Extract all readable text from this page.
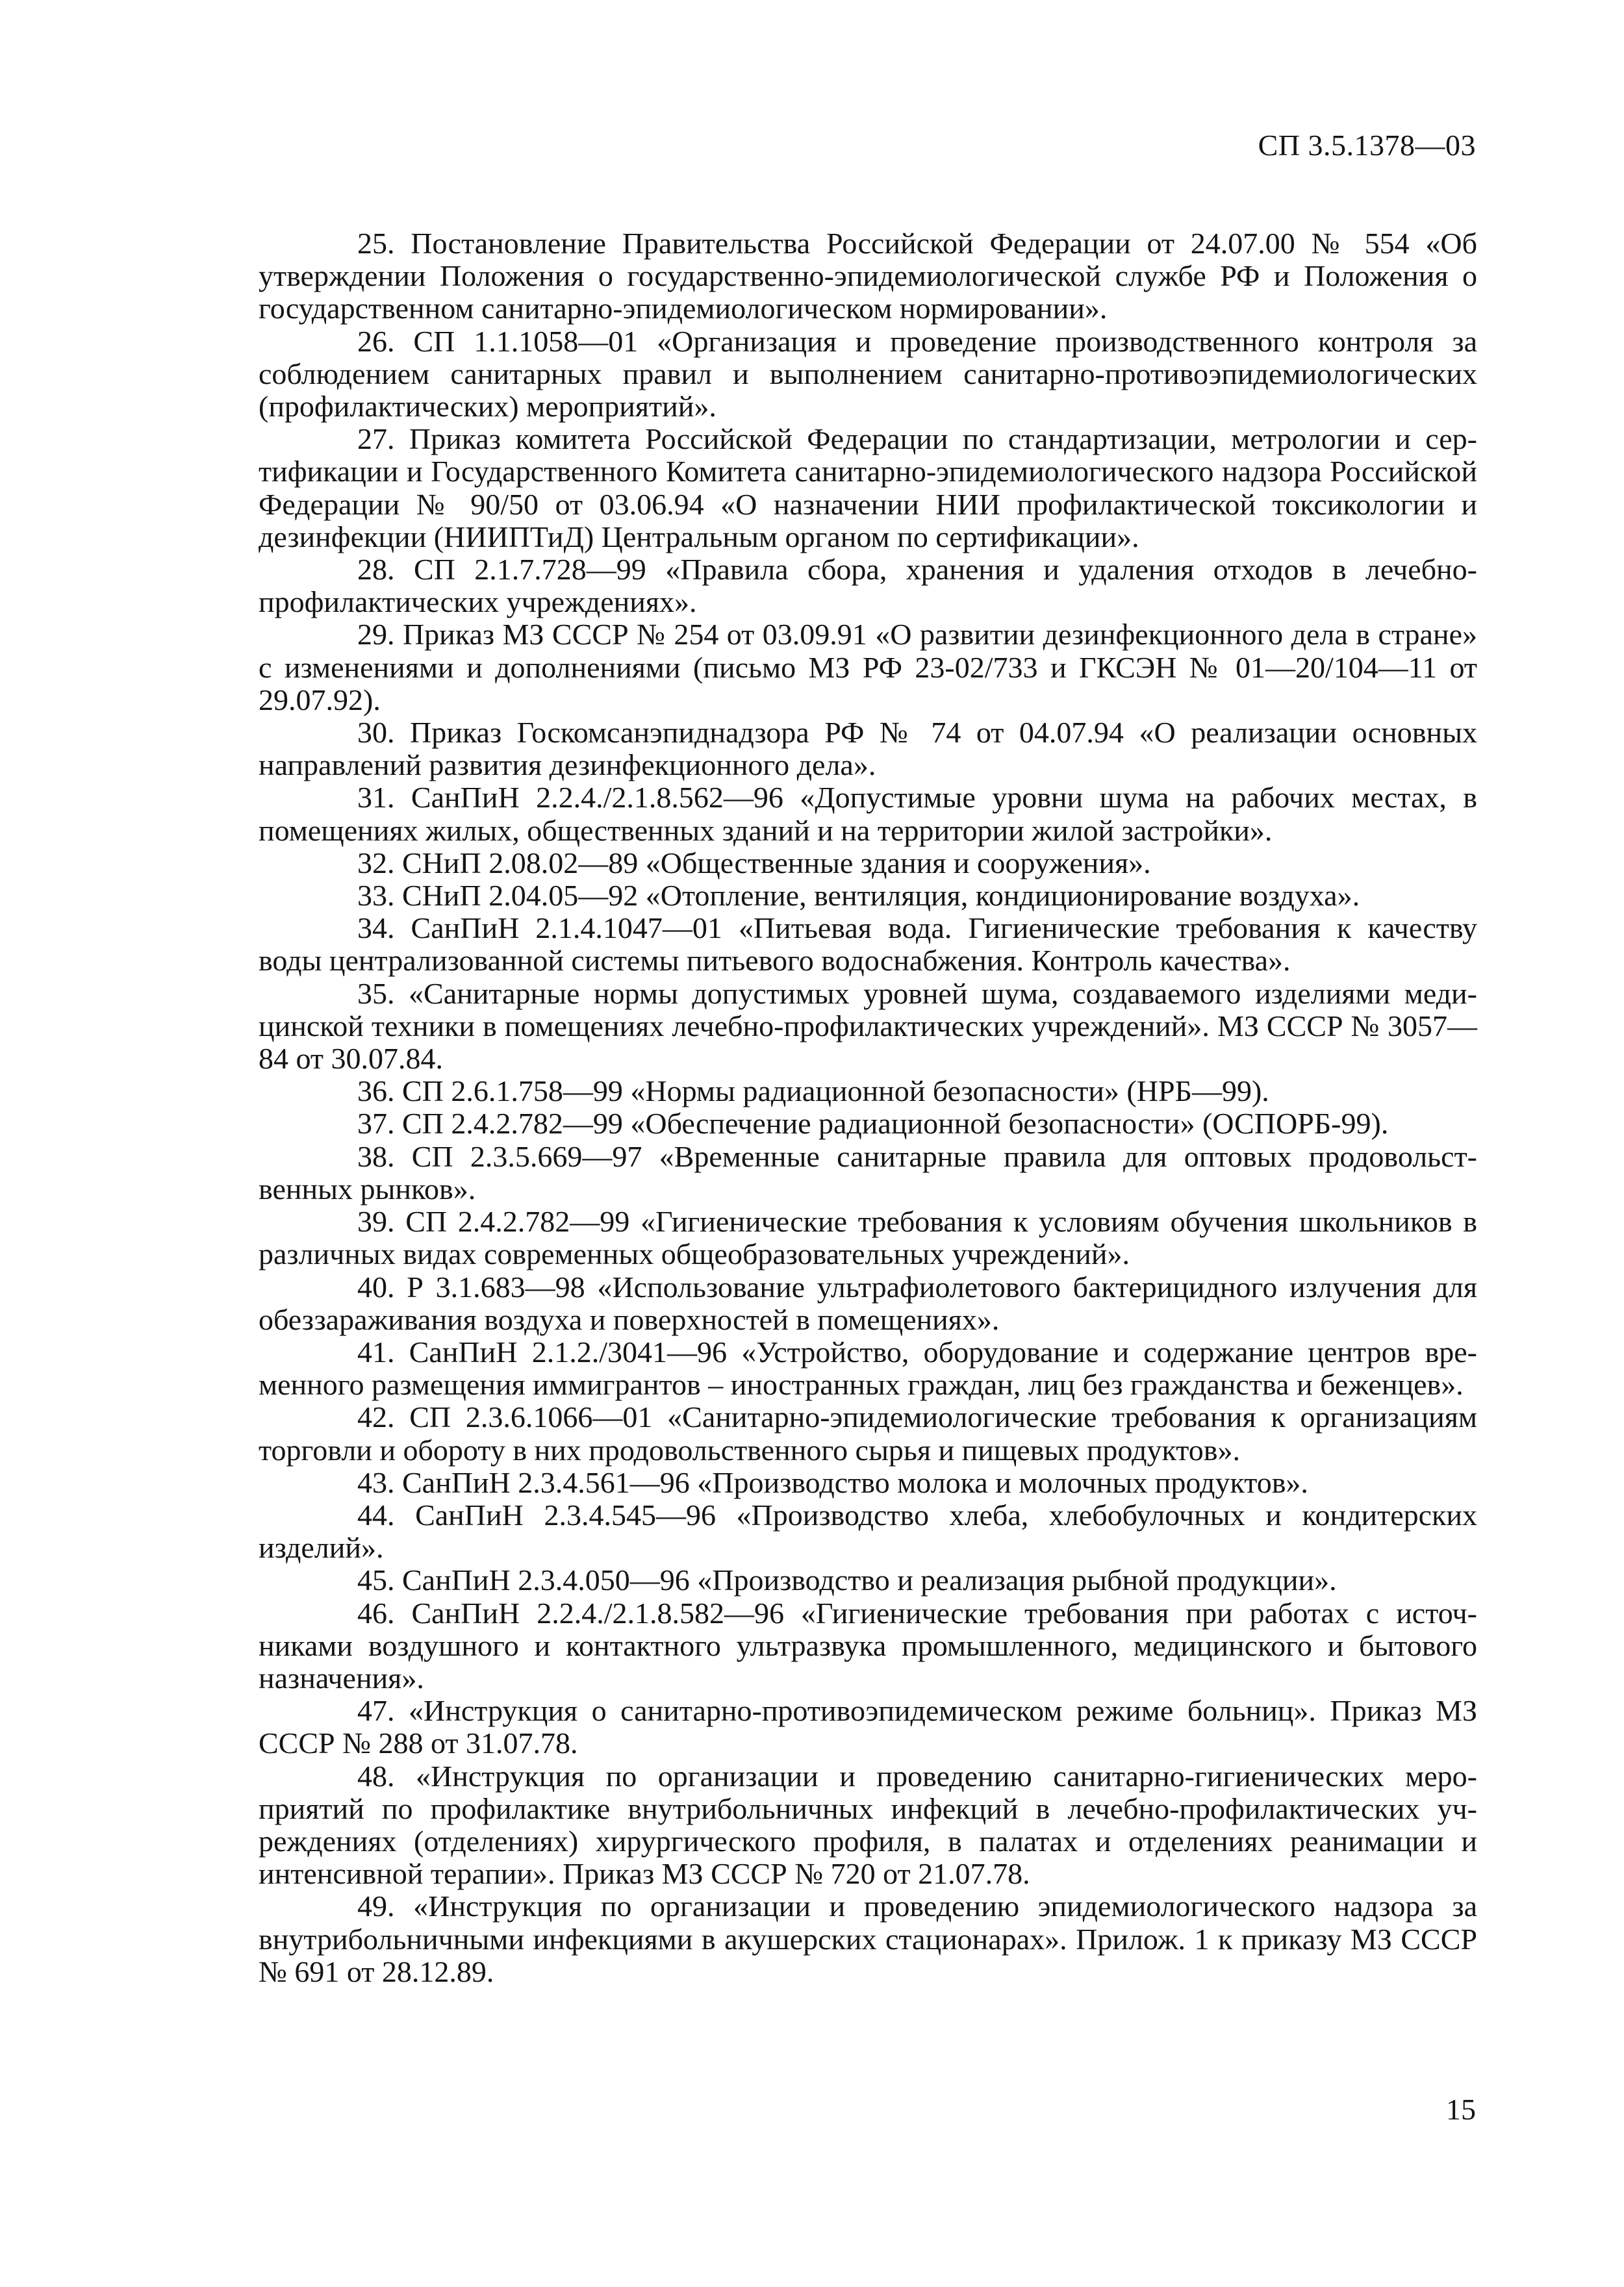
СП 3.5.1378—03

25. Постановление Правительства Российской Федерации от 24.07.00 № 554 «Об утверждении Положения о государственно-эпидемиологической службе РФ и Положения о государственном санитарно-эпидемиологическом нормировании».

26. СП 1.1.1058—01 «Организация и проведение производственного контроля за соблюдением санитарных правил и выполнением санитарно-противоэпидемиологических (профилактических) мероприятий».

27. Приказ комитета Российской Федерации по стандартизации, метрологии и сертификации и Государственного Комитета санитарно-эпидемиологического надзора Российской Федерации № 90/50 от 03.06.94 «О назначении НИИ профилактической токсикологии и дезинфекции (НИИПТиД) Центральным органом по сертификации».

28. СП 2.1.7.728—99 «Правила сбора, хранения и удаления отходов в лечебно-профилактических учреждениях».

29. Приказ МЗ СССР № 254 от 03.09.91 «О развитии дезинфекционного дела в стране» с изменениями и дополнениями (письмо МЗ РФ 23-02/733 и ГКСЭН № 01—20/104—11 от 29.07.92).

30. Приказ Госкомсанэпиднадзора РФ № 74 от 04.07.94 «О реализации основных направлений развития дезинфекционного дела».

31. СанПиН 2.2.4./2.1.8.562—96 «Допустимые уровни шума на рабочих местах, в помещениях жилых, общественных зданий и на территории жилой застройки».

32. СНиП 2.08.02—89 «Общественные здания и сооружения».

33. СНиП 2.04.05—92 «Отопление, вентиляция, кондиционирование воздуха».

34. СанПиН 2.1.4.1047—01 «Питьевая вода. Гигиенические требования к качеству воды централизованной системы питьевого водоснабжения. Контроль качества».

35. «Санитарные нормы допустимых уровней шума, создаваемого изделиями медицинской техники в помещениях лечебно-профилактических учреждений». МЗ СССР № 3057—84 от 30.07.84.

36. СП 2.6.1.758—99 «Нормы радиационной безопасности» (НРБ—99).

37. СП 2.4.2.782—99 «Обеспечение радиационной безопасности» (ОСПОРБ-99).

38. СП 2.3.5.669—97 «Временные санитарные правила для оптовых продовольственных рынков».

39. СП 2.4.2.782—99 «Гигиенические требования к условиям обучения школьников в различных видах современных общеобразовательных учреждений».

40. Р 3.1.683—98 «Использование ультрафиолетового бактерицидного излучения для обеззараживания воздуха и поверхностей в помещениях».

41. СанПиН 2.1.2./3041—96 «Устройство, оборудование и содержание центров временного размещения иммигрантов – иностранных граждан, лиц без гражданства и беженцев».

42. СП 2.3.6.1066—01 «Санитарно-эпидемиологические требования к организациям торговли и обороту в них продовольственного сырья и пищевых продуктов».

43. СанПиН 2.3.4.561—96 «Производство молока и молочных продуктов».

44. СанПиН 2.3.4.545—96 «Производство хлеба, хлебобулочных и кондитерских изделий».

45. СанПиН 2.3.4.050—96 «Производство и реализация рыбной продукции».

46. СанПиН 2.2.4./2.1.8.582—96 «Гигиенические требования при работах с источниками воздушного и контактного ультразвука промышленного, медицинского и бытового назначения».

47. «Инструкция о санитарно-противоэпидемическом режиме больниц». Приказ МЗ СССР № 288 от 31.07.78.

48. «Инструкция по организации и проведению санитарно-гигиенических мероприятий по профилактике внутрибольничных инфекций в лечебно-профилактических учреждениях (отделениях) хирургического профиля, в палатах и отделениях реанимации и интенсивной терапии». Приказ МЗ СССР № 720 от 21.07.78.

49. «Инструкция по организации и проведению эпидемиологического надзора за внутрибольничными инфекциями в акушерских стационарах». Прилож. 1 к приказу МЗ СССР № 691 от 28.12.89.

15
